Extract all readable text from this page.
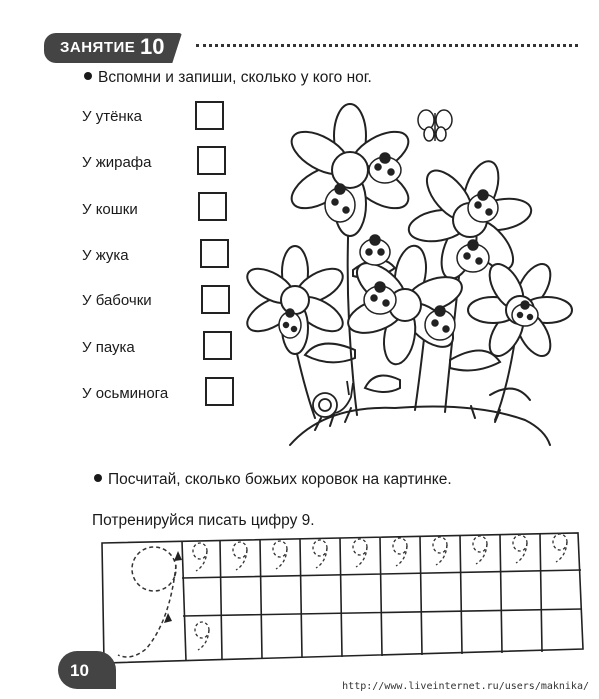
ЗАНЯТИЕ 10
Вспомни и запиши, сколько у кого ног.
У утёнка
У жирафа
У кошки
У жука
У бабочки
У паука
У осьминога
Посчитай, сколько божьих коровок на картинке.
Потренируйся писать цифру 9.
10
http://www.liveinternet.ru/users/maknika/
